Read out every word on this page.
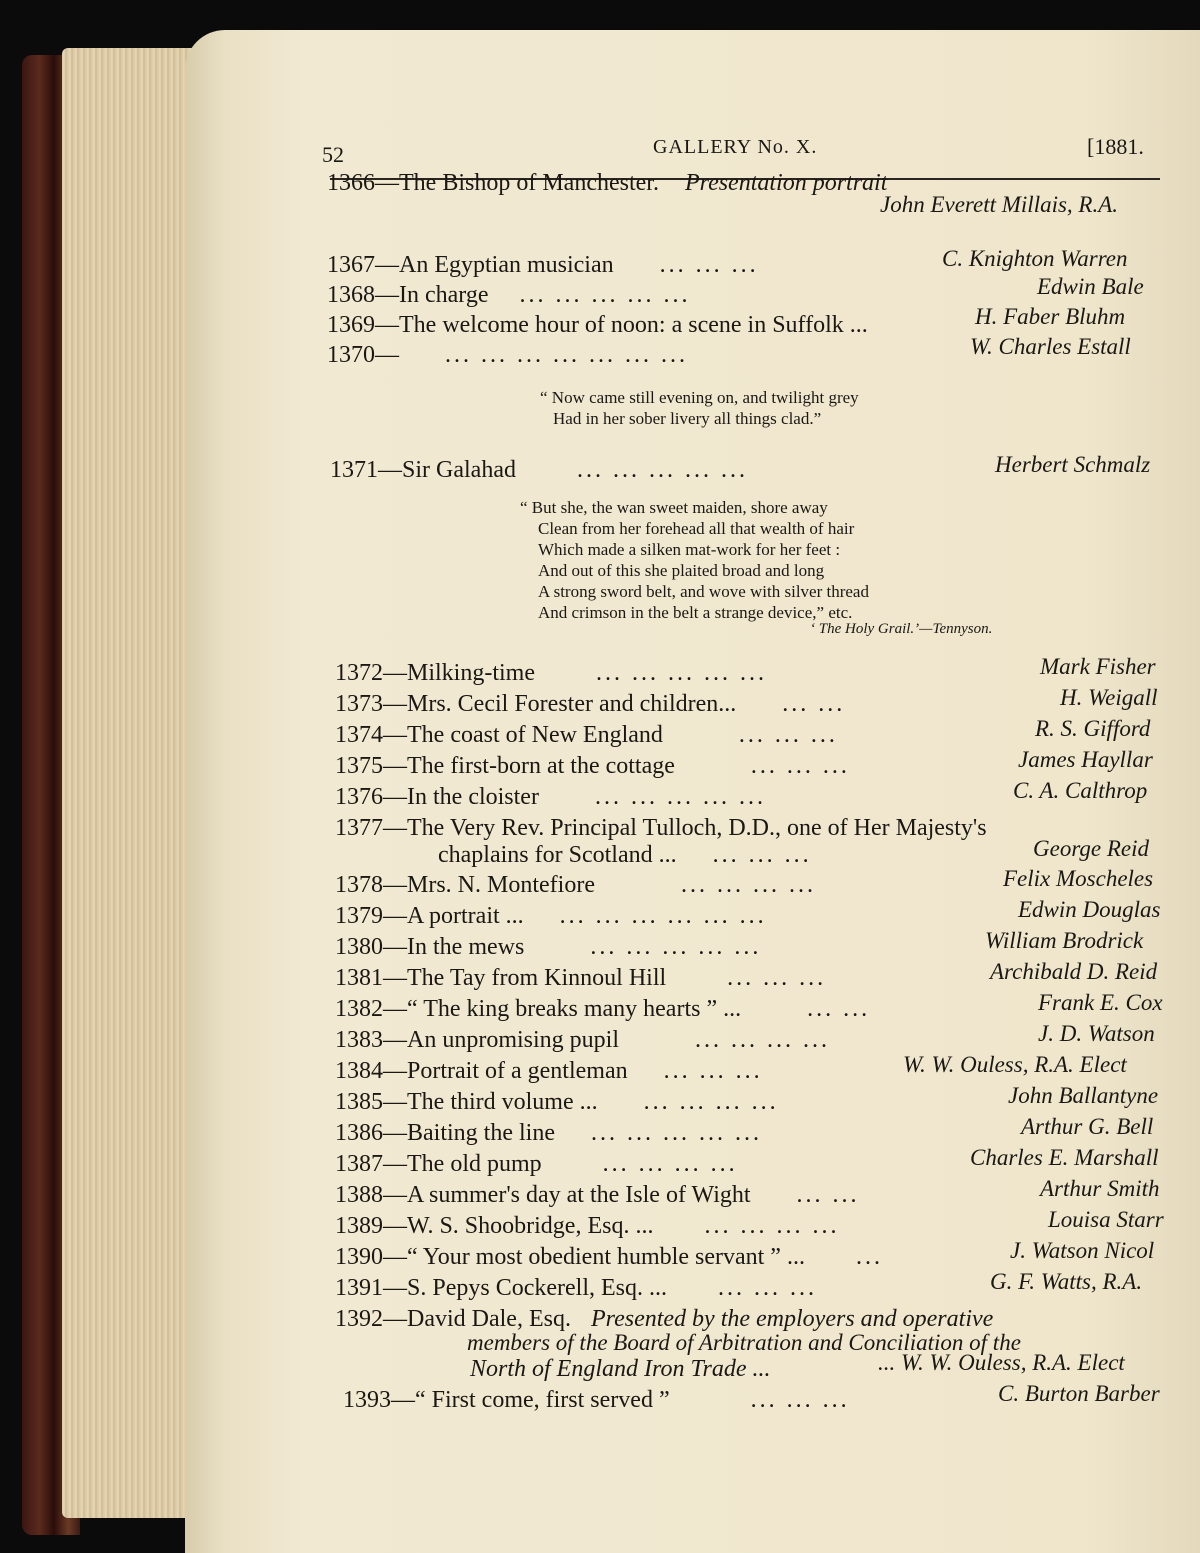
52	GALLERY No. X.	[1881.
1366—The Bishop of Manchester. Presentation portrait
John Everett Millais, R.A.
1367—An Egyptian musician ... ... ...	C. Knighton Warren
1368—In charge ... ... ... ... ...	Edwin Bale
1369—The welcome hour of noon: a scene in Suffolk ...	H. Faber Bluhm
1370— ... ... ... ... ... ... ...	W. Charles Estall
“ Now came still evening on, and twilight grey
Had in her sober livery all things clad.”
1371—Sir Galahad	... ... ... ... ...	Herbert Schmalz
“ But she, the wan sweet maiden, shore away
Clean from her forehead all that wealth of hair
Which made a silken mat-work for her feet :
And out of this she plaited broad and long
A strong sword belt, and wove with silver thread
And crimson in the belt a strange device,” etc.
‘ The Holy Grail.’—Tennyson.
1372—Milking-time	... ... ... ... ...	Mark Fisher
1373—Mrs. Cecil Forester and children... ... ...	H. Weigall
1374—The coast of New England	... ... ...	R. S. Gifford
1375—The first-born at the cottage	... ... ...	James Hayllar
1376—In the cloister ... ... ... ... ...	C. A. Calthrop
1377—The Very Rev. Principal Tulloch, D.D., one of Her Majesty's
chaplains for Scotland ... ... ... ...	George Reid
1378—Mrs. N. Montefiore	... ... ... ...	Felix Moscheles
1379—A portrait ... ... ... ... ... ... ...	Edwin Douglas
1380—In the mews	... ... ... ... ...	William Brodrick
1381—The Tay from Kinnoul Hill	... ... ...	Archibald D. Reid
1382—“ The king breaks many hearts ” ...	... ...	Frank E. Cox
1383—An unpromising pupil	... ... ... ...	J. D. Watson
1384—Portrait of a gentleman ... ... ...	W. W. Ouless, R.A. Elect
1385—The third volume ... ... ... ... ...	John Ballantyne
1386—Baiting the line ... ... ... ... ...	Arthur G. Bell
1387—The old pump	... ... ... ...	Charles E. Marshall
1388—A summer's day at the Isle of Wight ... ...	Arthur Smith
1389—W. S. Shoobridge, Esq. ... ... ... ... ...	Louisa Starr
1390—“ Your most obedient humble servant ” ... ...	J. Watson Nicol
1391—S. Pepys Cockerell, Esq. ... ... ... ...	G. F. Watts, R.A.
1392—David Dale, Esq. Presented by the employers and operative
members of the Board of Arbitration and Conciliation of the
North of England Iron Trade ...	... W. W. Ouless, R.A. Elect
1393—“ First come, first served ”	... ... ...	C. Burton Barber
